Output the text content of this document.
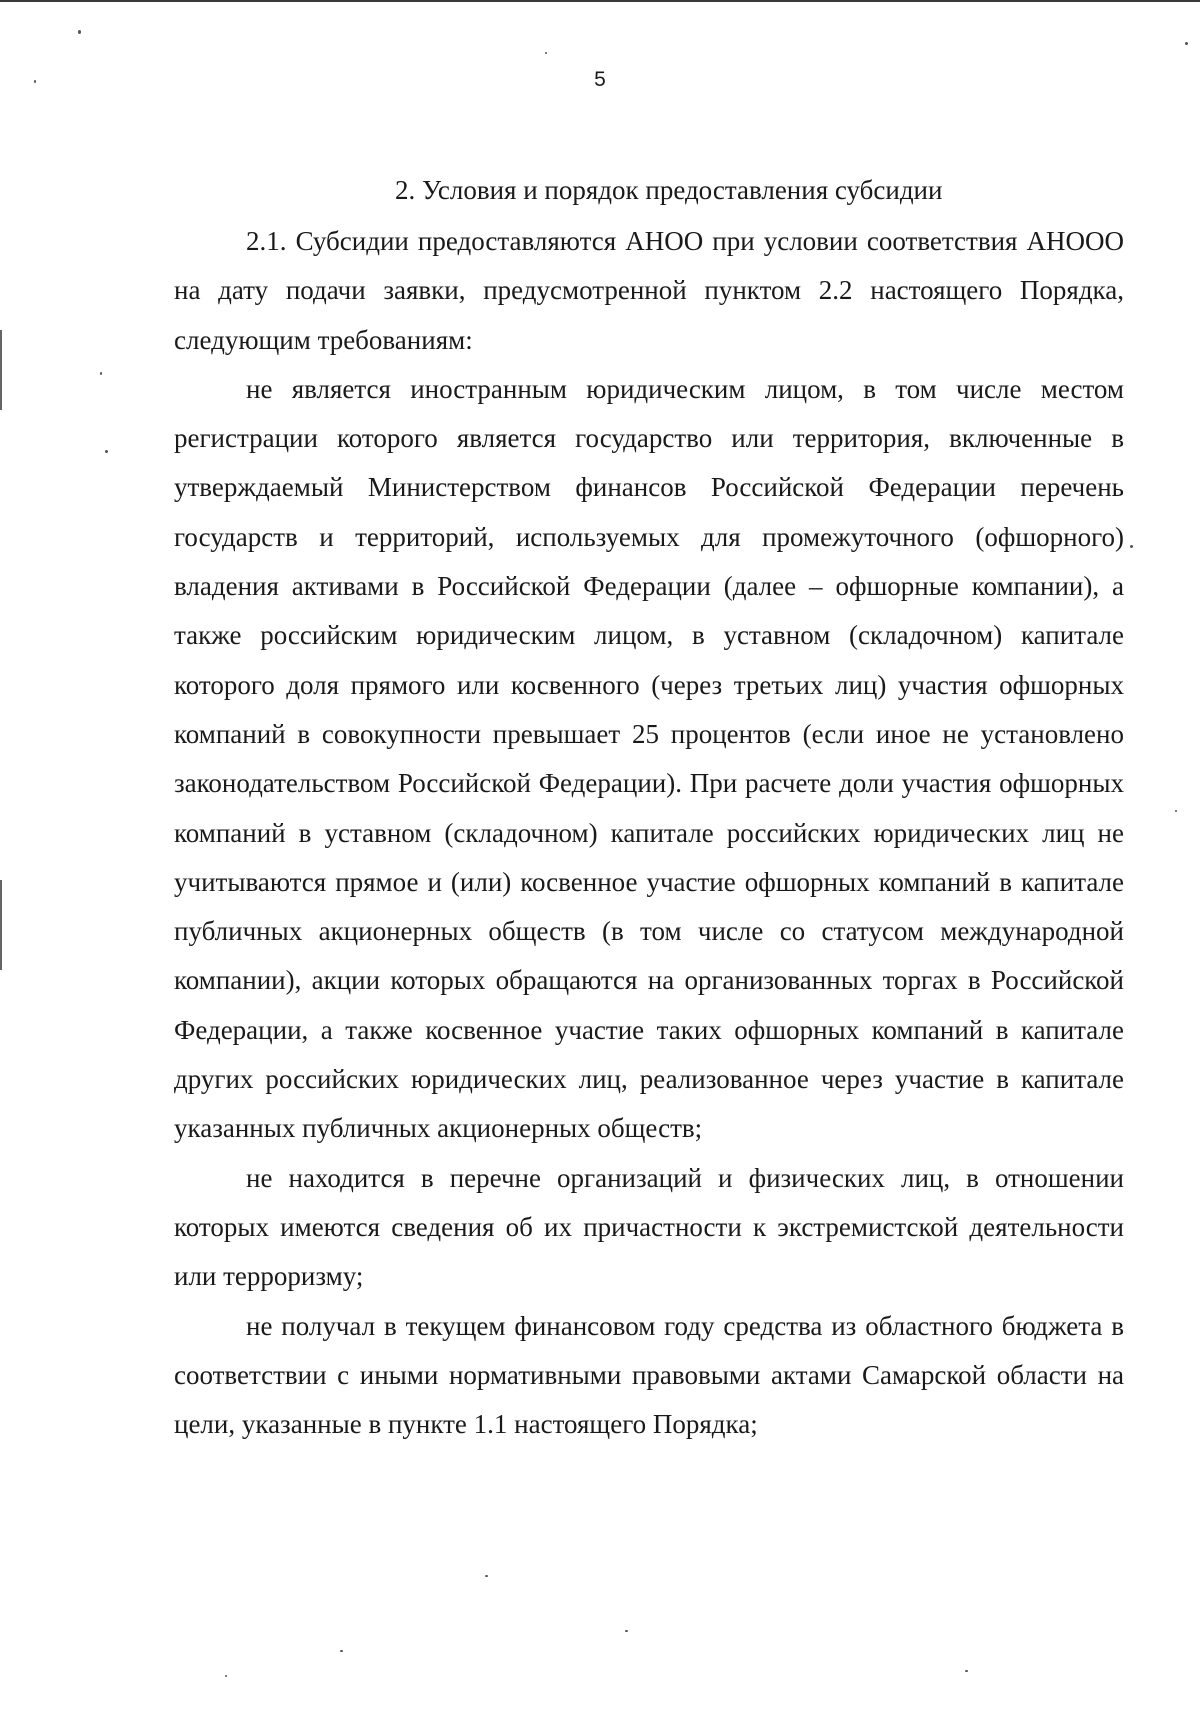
5
2. Условия и порядок предоставления субсидии

2.1. Субсидии предоставляются АНОО при условии соответствия АНООО на дату подачи заявки, предусмотренной пунктом 2.2 настоящего Порядка, следующим требованиям:

не является иностранным юридическим лицом, в том числе местом регистрации которого является государство или территория, включенные в утверждаемый Министерством финансов Российской Федерации перечень государств и территорий, используемых для промежуточного (офшорного) владения активами в Российской Федерации (далее – офшорные компании), а также российским юридическим лицом, в уставном (складочном) капитале которого доля прямого или косвенного (через третьих лиц) участия офшорных компаний в совокупности превышает 25 процентов (если иное не установлено законодательством Российской Федерации). При расчете доли участия офшорных компаний в уставном (складочном) капитале российских юридических лиц не учитываются прямое и (или) косвенное участие офшорных компаний в капитале публичных акционерных обществ (в том числе со статусом международной компании), акции которых обращаются на организованных торгах в Российской Федерации, а также косвенное участие таких офшорных компаний в капитале других российских юридических лиц, реализованное через участие в капитале указанных публичных акционерных обществ;

не находится в перечне организаций и физических лиц, в отношении которых имеются сведения об их причастности к экстремистской деятельности или терроризму;

не получал в текущем финансовом году средства из областного бюджета в соответствии с иными нормативными правовыми актами Самарской области на цели, указанные в пункте 1.1 настоящего Порядка;
